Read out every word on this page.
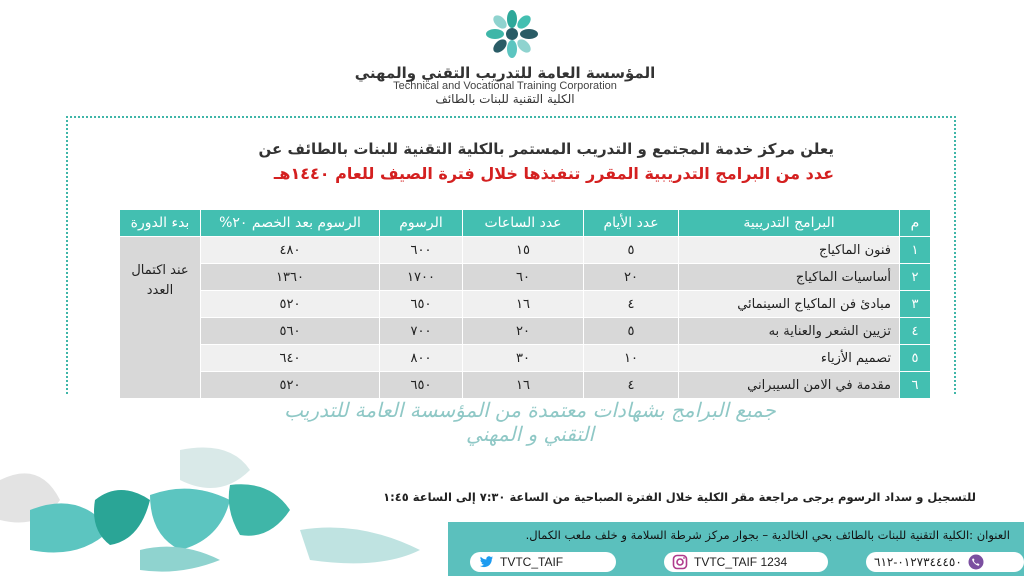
المؤسسة العامة للتدريب التقني والمهني
Technical and Vocational Training Corporation
الكلية التقنية للبنات بالطائف
يعلن مركز خدمة المجتمع و التدريب المستمر بالكلية التقنية للبنات بالطائف عن
عدد من البرامج التدريبية المقرر تنفيذها خلال فترة الصيف للعام ١٤٤٠هـ
م	البرامج التدريبية	عدد الأيام	عدد الساعات	الرسوم	الرسوم بعد الخصم ٢٠%	بدء الدورة
١	فنون الماكياج	٥	١٥	٦٠٠	٤٨٠	عند اكتمال العدد
٢	أساسيات الماكياج	٢٠	٦٠	١٧٠٠	١٣٦٠	
٣	مبادئ فن الماكياج السينمائي	٤	١٦	٦٥٠	٥٢٠	
٤	تزيين الشعر والعناية به	٥	٢٠	٧٠٠	٥٦٠	
٥	تصميم الأزياء	١٠	٣٠	٨٠٠	٦٤٠	
٦	مقدمة في الامن السيبراني	٤	١٦	٦٥٠	٥٢٠	
جميع البرامج بشهادات معتمدة من المؤسسة العامة للتدريب التقني و المهني
للتسجيل و سداد الرسوم يرجى مراجعة مقر الكلية خلال الفترة الصباحية من الساعة ٧:٣٠ إلى الساعة ١:٤٥
العنوان :الكلية التقنية للبنات بالطائف بحي الخالدية – بجوار مركز شرطة السلامة و خلف ملعب الكمال.
TVTC_TAIF	TVTC_TAIF 1234	٠١٢٧٣٤٤٤٥٠-٦١٢
